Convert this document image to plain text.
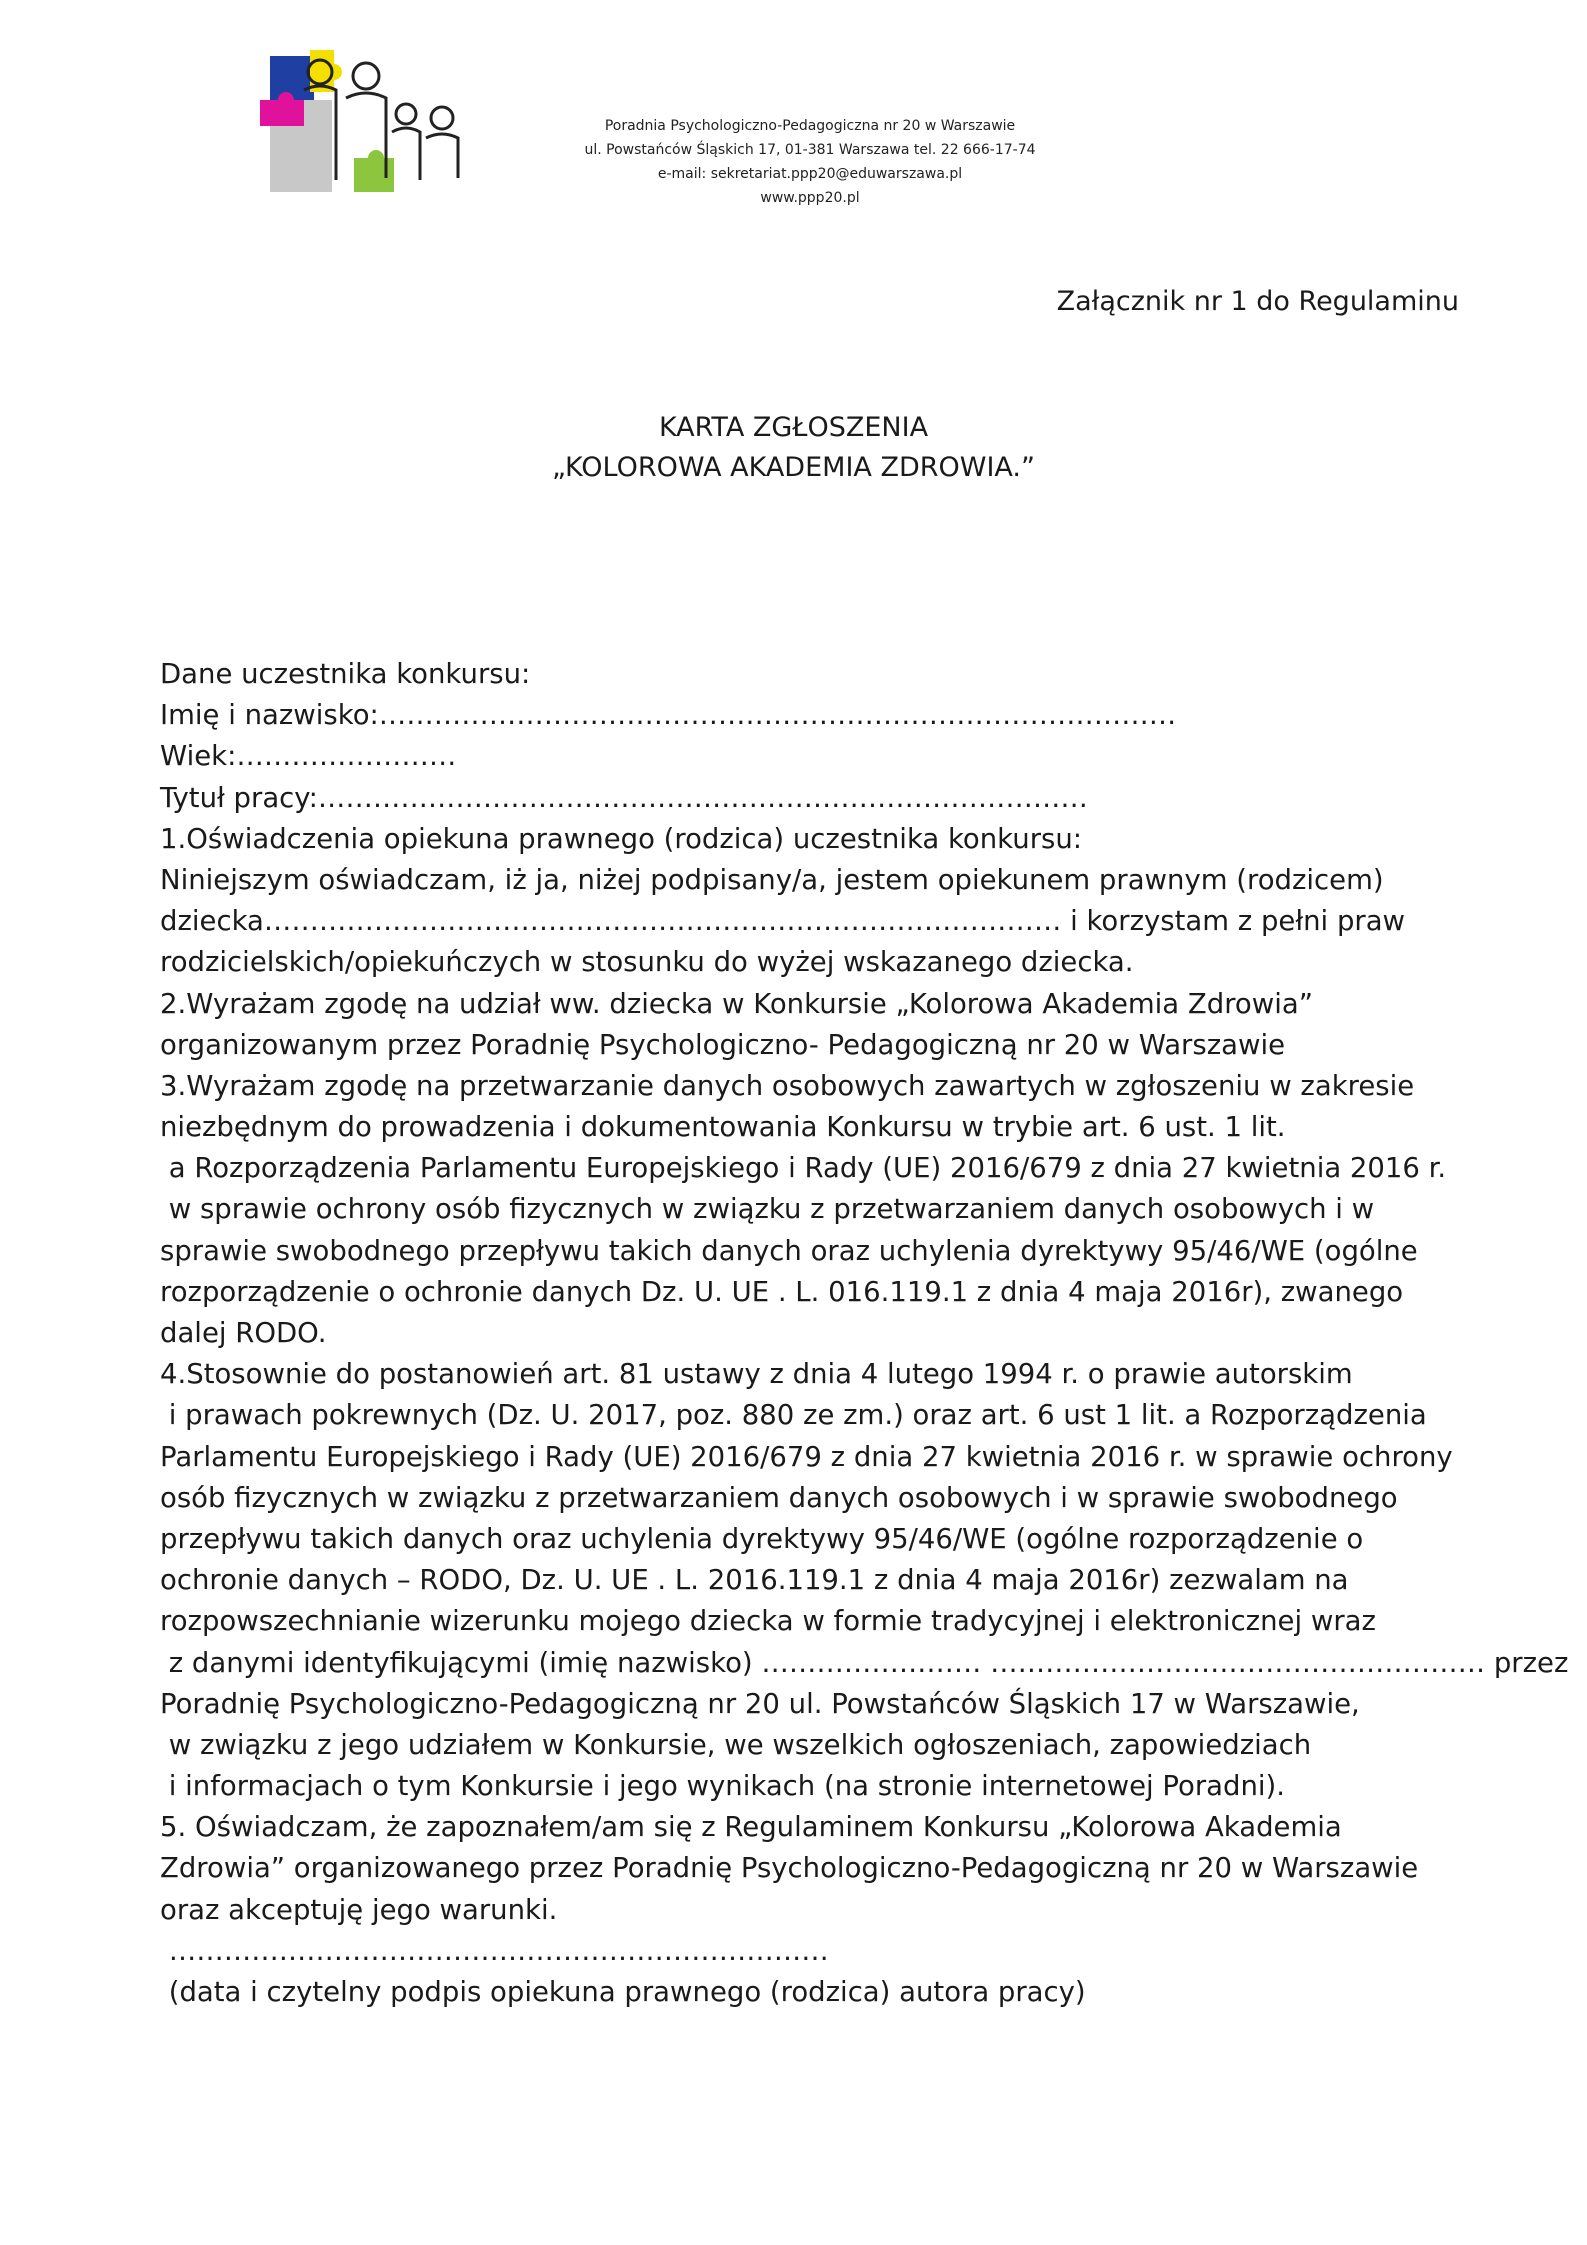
Poradnia Psychologiczno-Pedagogiczna nr 20 w Warszawie
ul. Powstańców Śląskich 17, 01-381 Warszawa tel. 22 666-17-74
e-mail: sekretariat.ppp20@eduwarszawa.pl
www.ppp20.pl
Załącznik nr 1 do Regulaminu
KARTA ZGŁOSZENIA
„KOLOROWA AKADEMIA ZDROWIA.”
Dane uczestnika konkursu:
Imię i nazwisko:……………………………………………………………………………
Wiek:……………………
Tytuł pracy:…………………………………………………………………………
1.Oświadczenia opiekuna prawnego (rodzica) uczestnika konkursu:
Niniejszym oświadczam, iż ja, niżej podpisany/a, jestem opiekunem prawnym (rodzicem)
dziecka…………………………………………………………………………… i korzystam z pełni praw
rodzicielskich/opiekuńczych w stosunku do wyżej wskazanego dziecka.
2.Wyrażam zgodę na udział ww. dziecka w Konkursie „Kolorowa Akademia Zdrowia”
organizowanym przez Poradnię Psychologiczno- Pedagogiczną nr 20 w Warszawie
3.Wyrażam zgodę na przetwarzanie danych osobowych zawartych w zgłoszeniu w zakresie
niezbędnym do prowadzenia i dokumentowania Konkursu w trybie art. 6 ust. 1 lit.
a Rozporządzenia Parlamentu Europejskiego i Rady (UE) 2016/679 z dnia 27 kwietnia 2016 r.
w sprawie ochrony osób fizycznych w związku z przetwarzaniem danych osobowych i w
sprawie swobodnego przepływu takich danych oraz uchylenia dyrektywy 95/46/WE (ogólne
rozporządzenie o ochronie danych Dz. U. UE . L. 016.119.1 z dnia 4 maja 2016r), zwanego
dalej RODO.
4.Stosownie do postanowień art. 81 ustawy z dnia 4 lutego 1994 r. o prawie autorskim
i prawach pokrewnych (Dz. U. 2017, poz. 880 ze zm.) oraz art. 6 ust 1 lit. a Rozporządzenia
Parlamentu Europejskiego i Rady (UE) 2016/679 z dnia 27 kwietnia 2016 r. w sprawie ochrony
osób fizycznych w związku z przetwarzaniem danych osobowych i w sprawie swobodnego
przepływu takich danych oraz uchylenia dyrektywy 95/46/WE (ogólne rozporządzenie o
ochronie danych – RODO, Dz. U. UE . L. 2016.119.1 z dnia 4 maja 2016r) zezwalam na
rozpowszechnianie wizerunku mojego dziecka w formie tradycyjnej i elektronicznej wraz
z danymi identyfikującymi (imię nazwisko) …………………… ……………………………………………… przez
Poradnię Psychologiczno-Pedagogiczną nr 20 ul. Powstańców Śląskich 17 w Warszawie,
w związku z jego udziałem w Konkursie, we wszelkich ogłoszeniach, zapowiedziach
i informacjach o tym Konkursie i jego wynikach (na stronie internetowej Poradni).
5. Oświadczam, że zapoznałem/am się z Regulaminem Konkursu „Kolorowa Akademia
Zdrowia” organizowanego przez Poradnię Psychologiczno-Pedagogiczną nr 20 w Warszawie
oraz akceptuję jego warunki.
………………………………………………………………
(data i czytelny podpis opiekuna prawnego (rodzica) autora pracy)
